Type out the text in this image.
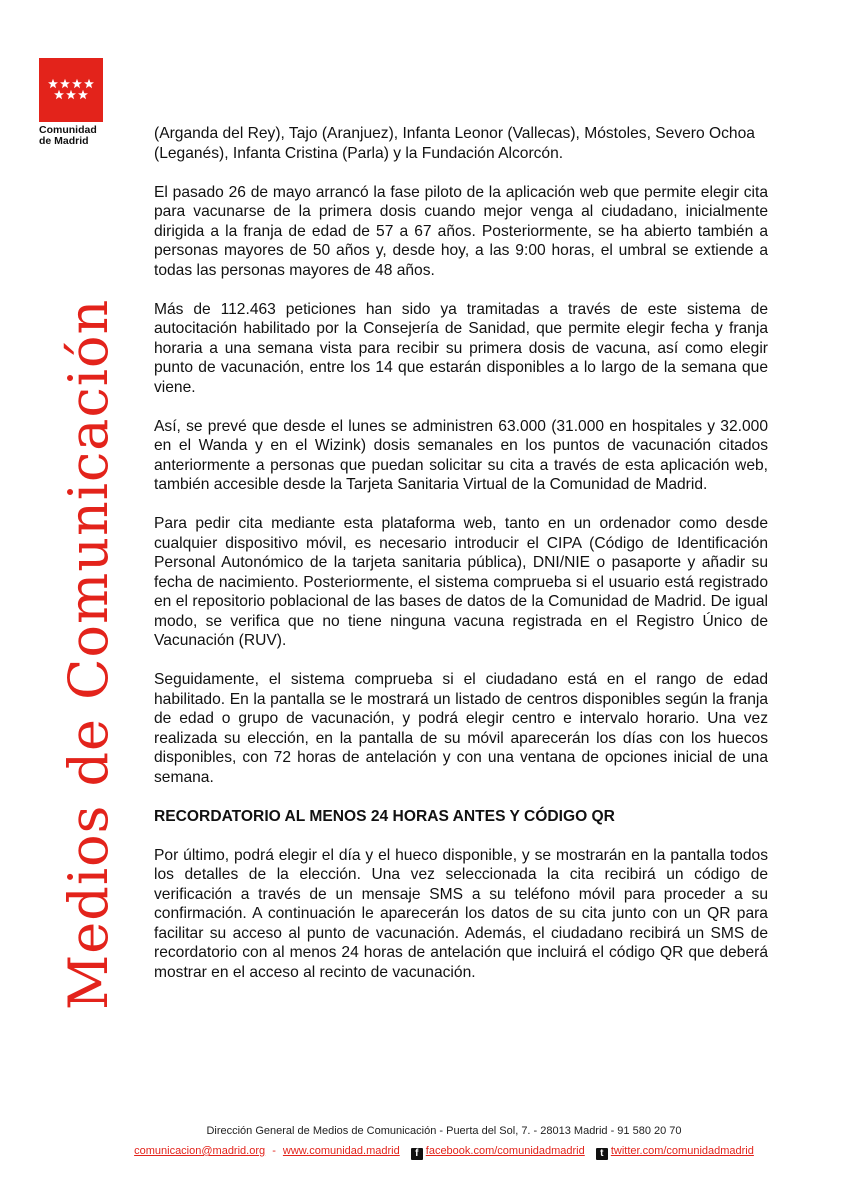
Comunidad
de Madrid
Medios de Comunicación

(Arganda del Rey), Tajo (Aranjuez), Infanta Leonor (Vallecas), Móstoles, Severo Ochoa (Leganés), Infanta Cristina (Parla) y la Fundación Alcorcón.

El pasado 26 de mayo arrancó la fase piloto de la aplicación web que permite elegir cita para vacunarse de la primera dosis cuando mejor venga al ciudadano, inicialmente dirigida a la franja de edad de 57 a 67 años. Posteriormente, se ha abierto también a personas mayores de 50 años y, desde hoy, a las 9:00 horas, el umbral se extiende a todas las personas mayores de 48 años.

Más de 112.463 peticiones han sido ya tramitadas a través de este sistema de autocitación habilitado por la Consejería de Sanidad, que permite elegir fecha y franja horaria a una semana vista para recibir su primera dosis de vacuna, así como elegir punto de vacunación, entre los 14 que estarán disponibles a lo largo de la semana que viene.

Así, se prevé que desde el lunes se administren 63.000 (31.000 en hospitales y 32.000 en el Wanda y en el Wizink) dosis semanales en los puntos de vacunación citados anteriormente a personas que puedan solicitar su cita a través de esta aplicación web, también accesible desde la Tarjeta Sanitaria Virtual de la Comunidad de Madrid.

Para pedir cita mediante esta plataforma web, tanto en un ordenador como desde cualquier dispositivo móvil, es necesario introducir el CIPA (Código de Identificación Personal Autonómico de la tarjeta sanitaria pública), DNI/NIE o pasaporte y añadir su fecha de nacimiento. Posteriormente, el sistema comprueba si el usuario está registrado en el repositorio poblacional de las bases de datos de la Comunidad de Madrid. De igual modo, se verifica que no tiene ninguna vacuna registrada en el Registro Único de Vacunación (RUV).

Seguidamente, el sistema comprueba si el ciudadano está en el rango de edad habilitado. En la pantalla se le mostrará un listado de centros disponibles según la franja de edad o grupo de vacunación, y podrá elegir centro e intervalo horario. Una vez realizada su elección, en la pantalla de su móvil aparecerán los días con los huecos disponibles, con 72 horas de antelación y con una ventana de opciones inicial de una semana.

RECORDATORIO AL MENOS 24 HORAS ANTES Y CÓDIGO QR

Por último, podrá elegir el día y el hueco disponible, y se mostrarán en la pantalla todos los detalles de la elección. Una vez seleccionada la cita recibirá un código de verificación a través de un mensaje SMS a su teléfono móvil para proceder a su confirmación. A continuación le aparecerán los datos de su cita junto con un QR para facilitar su acceso al punto de vacunación. Además, el ciudadano recibirá un SMS de recordatorio con al menos 24 horas de antelación que incluirá el código QR que deberá mostrar en el acceso al recinto de vacunación.

Dirección General de Medios de Comunicación - Puerta del Sol, 7. - 28013 Madrid - 91 580 20 70
comunicacion@madrid.org - www.comunidad.madrid f facebook.com/comunidadmadrid t twitter.com/comunidadmadrid
